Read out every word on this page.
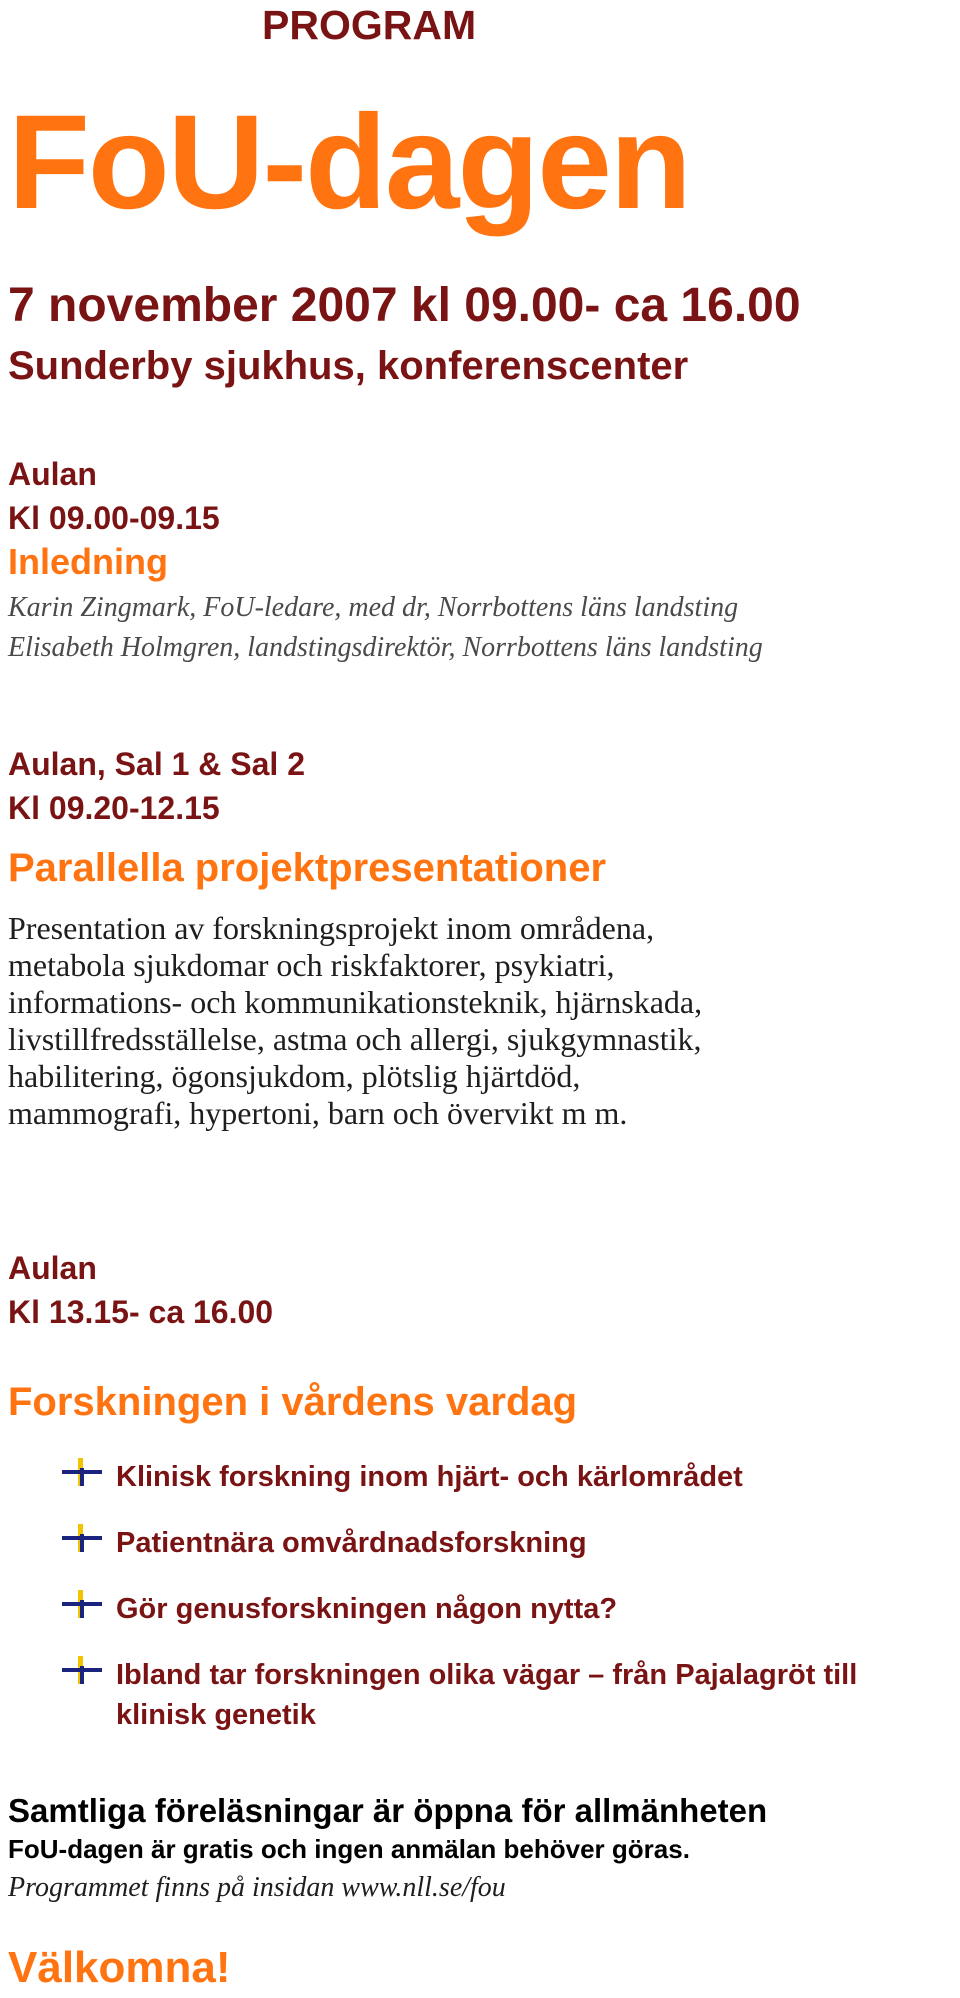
PROGRAM
FoU-dagen
7 november 2007 kl 09.00- ca 16.00
Sunderby sjukhus, konferenscenter
Aulan
Kl 09.00-09.15
Inledning
Karin Zingmark, FoU-ledare, med dr, Norrbottens läns landsting
Elisabeth Holmgren, landstingsdirektör, Norrbottens läns landsting
Aulan, Sal 1 & Sal 2
Kl 09.20-12.15
Parallella projektpresentationer

Presentation av forskningsprojekt inom områdena,

metabola sjukdomar och riskfaktorer, psykiatri,

informations- och kommunikationsteknik, hjärnskada,

livstillfredsställelse, astma och allergi, sjukgymnastik,

habilitering, ögonsjukdom, plötslig hjärtdöd,

mammografi, hypertoni, barn och övervikt m m.

Aulan
Kl 13.15- ca 16.00
Forskningen i vårdens vardag
Klinisk forskning inom hjärt- och kärlområdet
Patientnära omvårdnadsforskning
Gör genusforskningen någon nytta?
Ibland tar forskningen olika vägar – från Pajalagröt till
klinisk genetik
Samtliga föreläsningar är öppna för allmänheten
FoU-dagen är gratis och ingen anmälan behöver göras.
Programmet finns på insidan www.nll.se/fou
Välkomna!
